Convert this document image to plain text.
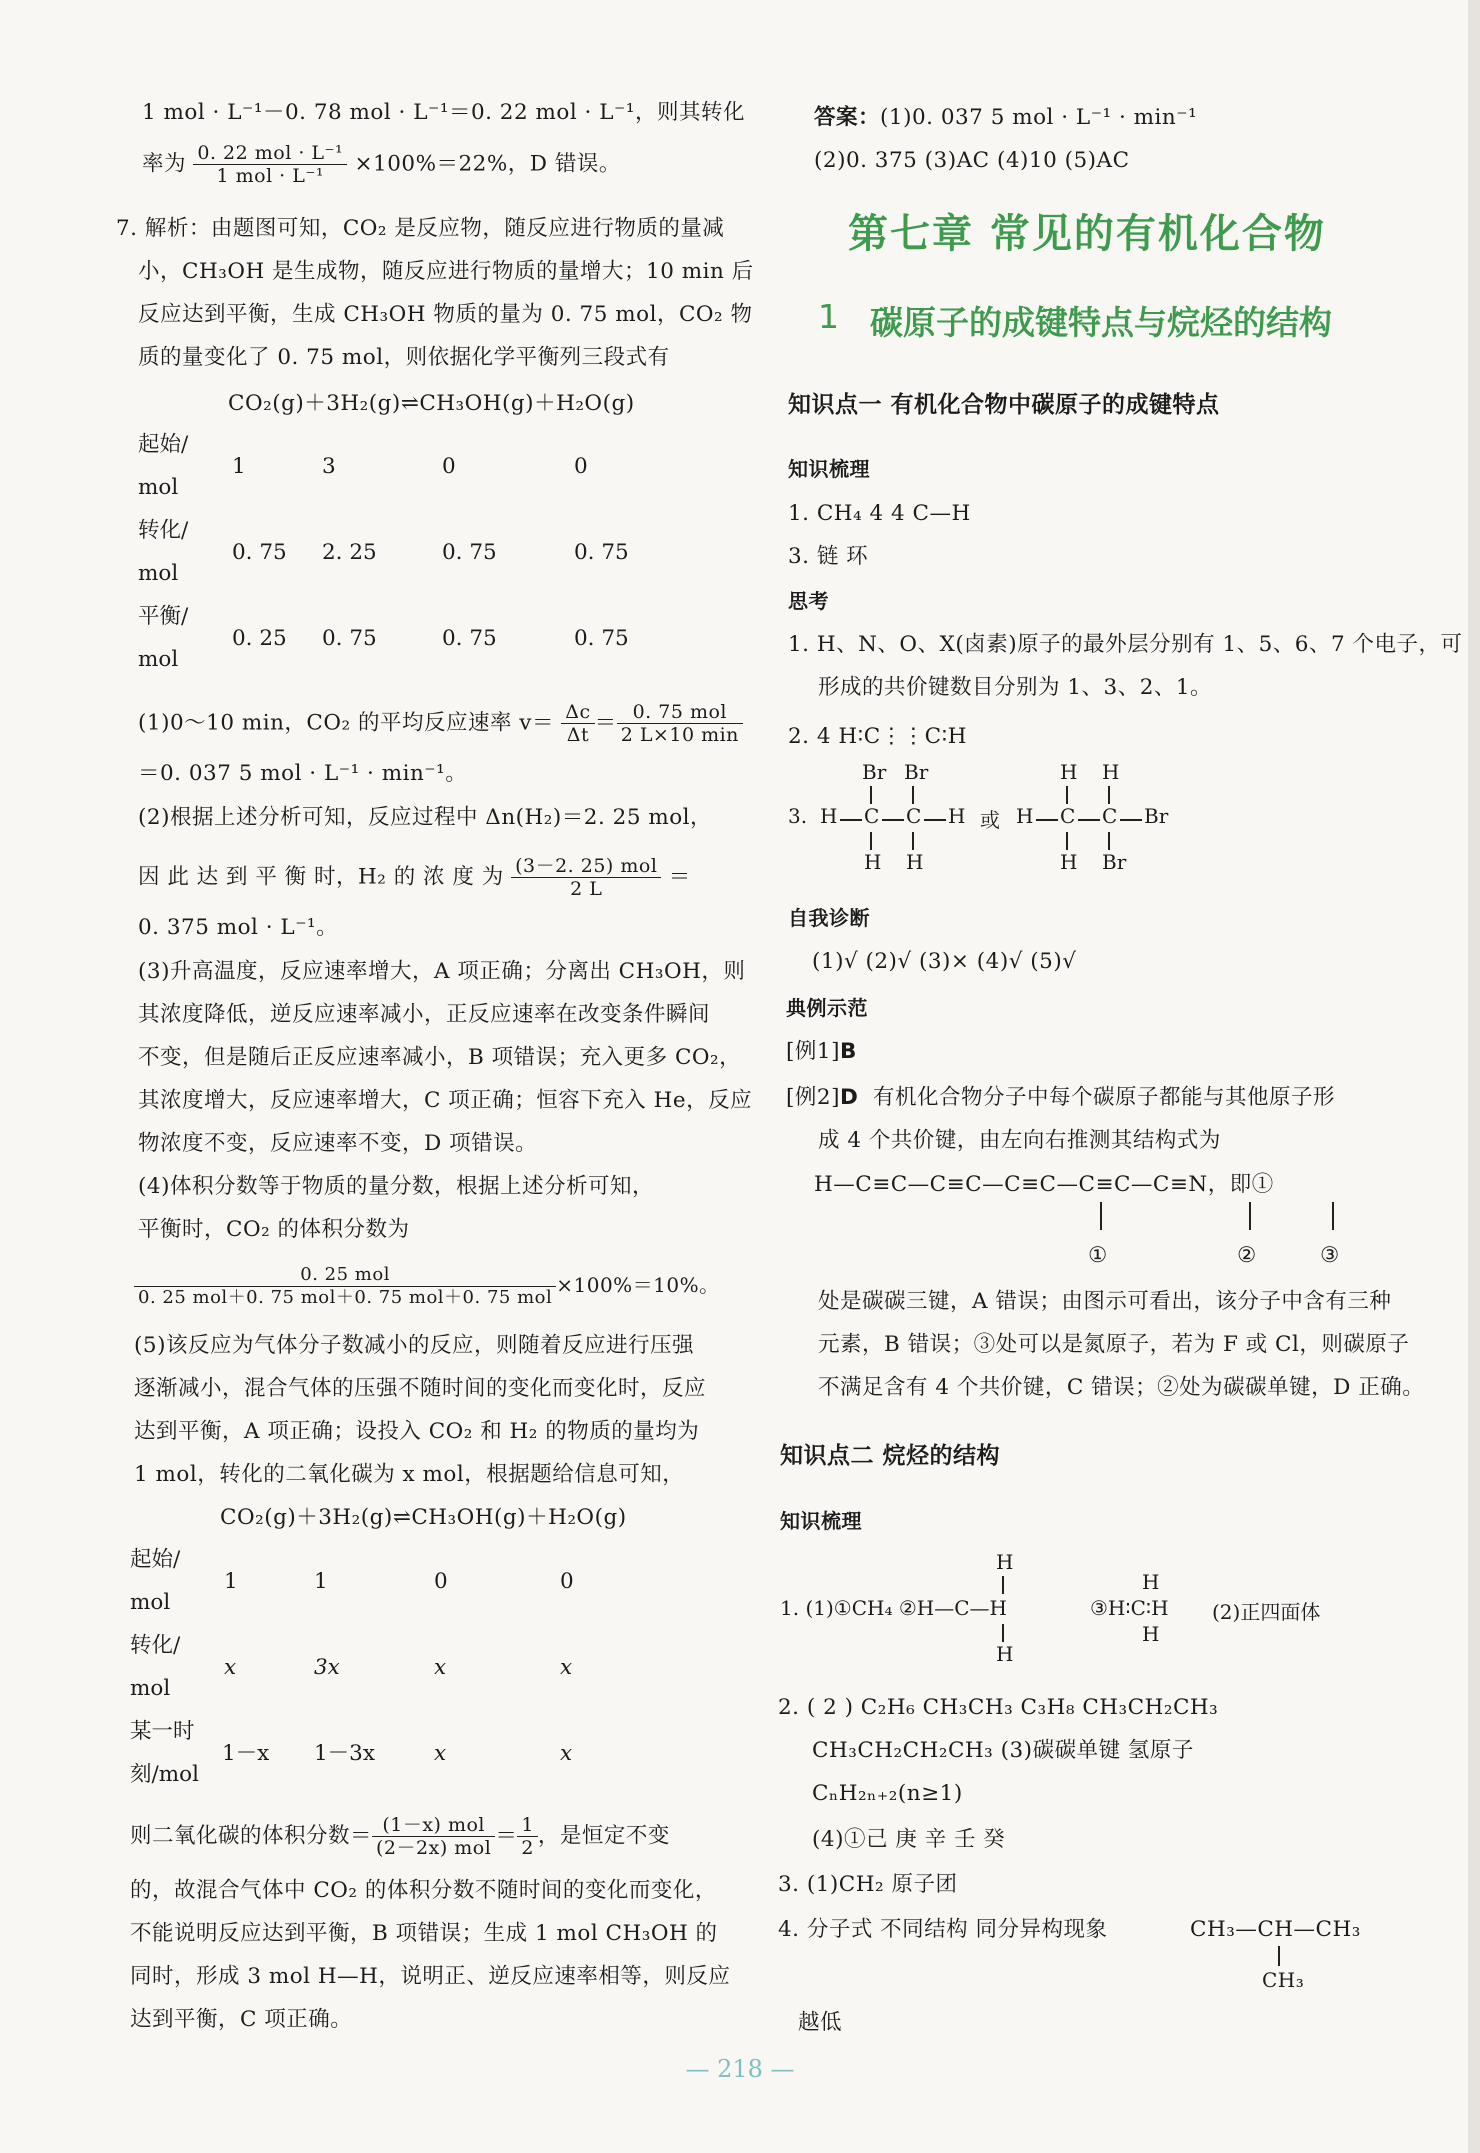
1 mol · L⁻¹－0. 78 mol · L⁻¹＝0. 22 mol · L⁻¹，则其转化
率为 $\frac{\text{0. 22 mol · L⁻¹}}{\text{1 mol · L⁻¹}} \times 100\%=22\%$，D 错误。
7. 解析：由题图可知，CO₂ 是反应物，随反应进行物质的量减
小，CH₃OH 是生成物，随反应进行物质的量增大；10 min 后
反应达到平衡，生成 CH₃OH 物质的量为 0. 75 mol，CO₂ 物
质的量变化了 0. 75 mol，则依据化学平衡列三段式有
CO₂(g)＋3H₂(g)⇌CH₃OH(g)＋H₂O(g)
起始/
mol
1	3	0	0
转化/
mol
0. 75 2. 25	0. 75	0. 75
平衡/
mol
0. 25 0. 75	0. 75	0. 75
(1)0～10 min，CO₂ 的平均反应速率 $v= \frac{\Delta c}{\Delta t} = \frac{\text{0. 75 mol}}{2 L\times 10 \min}$
＝0. 037 5 mol · L⁻¹ · min⁻¹。
(2)根据上述分析可知，反应过程中 Δn(H₂)＝2. 25 mol，
因 此 达 到 平 衡 时，H₂ 的 浓 度 为 $\frac{\text{(3－2. 25) mol}}{2 L}$ ＝
0. 375 mol · L⁻¹。
(3)升高温度，反应速率增大，A 项正确；分离出 CH₃OH，则
其浓度降低，逆反应速率减小，正反应速率在改变条件瞬间
不变，但是随后正反应速率减小，B 项错误；充入更多 CO₂，
其浓度增大，反应速率增大，C 项正确；恒容下充入 He，反应
物浓度不变，反应速率不变，D 项错误。
(4)体积分数等于物质的量分数，根据上述分析可知，
平衡时，CO₂ 的体积分数为
$\frac{\text{0. 25 mol}}{\text{0. 25 mol＋0. 75 mol＋0. 75 mol＋0. 75 mol}} \times 100\%=10\%$。
(5)该反应为气体分子数减小的反应，则随着反应进行压强
逐渐减小，混合气体的压强不随时间的变化而变化时，反应
达到平衡，A 项正确；设投入 CO₂ 和 H₂ 的物质的量均为
1 mol，转化的二氧化碳为 x mol，根据题给信息可知，
CO₂(g)＋3H₂(g)⇌CH₃OH(g)＋H₂O(g)
起始/
mol
1	1	0	0
转化/
mol
x	3x	x	x
某一时
刻/mol
1－x 1－3x	x	x
则二氧化碳的体积分数＝ $\frac{\text{(1－x) mol}}{\text{(2－2x) mol}} = \frac{1}{2}$ ，是恒定不变
的，故混合气体中 CO₂ 的体积分数不随时间的变化而变化，
不能说明反应达到平衡，B 项错误；生成 1 mol CH₃OH 的
同时，形成 3 mol H—H，说明正、逆反应速率相等，则反应
达到平衡，C 项正确。
答案：(1)0. 037 5 mol · L⁻¹ · min⁻¹
(2)0. 375 (3)AC (4)10 (5)AC
第七章 常见的有机化合物
1 碳原子的成键特点与烷烃的结构
知识点一 有机化合物中碳原子的成键特点
知识梳理
1. CH₄ 4 4 C—H
3. 链 环
思考
1. H、N、O、X(卤素)原子的最外层分别有 1、5、6、7 个电子，可
形成的共价键数目分别为 1、3、2、1。
2. 4 H∶C⋮⋮C∶H
3. H C C H
Br Br
H H
或 H C C Br
H H
H Br
自我诊断
(1)√ (2)√ (3)× (4)√ (5)√
典例示范
[例1]B
[例2]D 有机化合物分子中每个碳原子都能与其他原子形
成 4 个共价键，由左向右推测其结构式为
H—C≡C—C≡C—C≡C—C≡C—C≡N，即①
①	②	③
处是碳碳三键，A 错误；由图示可看出，该分子中含有三种
元素，B 错误；③处可以是氮原子，若为 F 或 Cl，则碳原子
不满足含有 4 个共价键，C 错误；②处为碳碳单键，D 正确。
知识点二 烷烃的结构
知识梳理
1. (1)①CH₄ ②H—C—H
H
H
③H∶C∶H
H
H
(2)正四面体
2. ( 2 ) C₂H₆ CH₃CH₃ C₃H₈ CH₃CH₂CH₃
CH₃CH₂CH₂CH₃ (3)碳碳单键 氢原子
CₙH₂ₙ₊₂(n≥1)
(4)①己 庚 辛 壬 癸
3. (1)CH₂ 原子团
4. 分子式 不同结构 同分异构现象	CH₃—CH—CH₃
CH₃
越低
— 218 —
